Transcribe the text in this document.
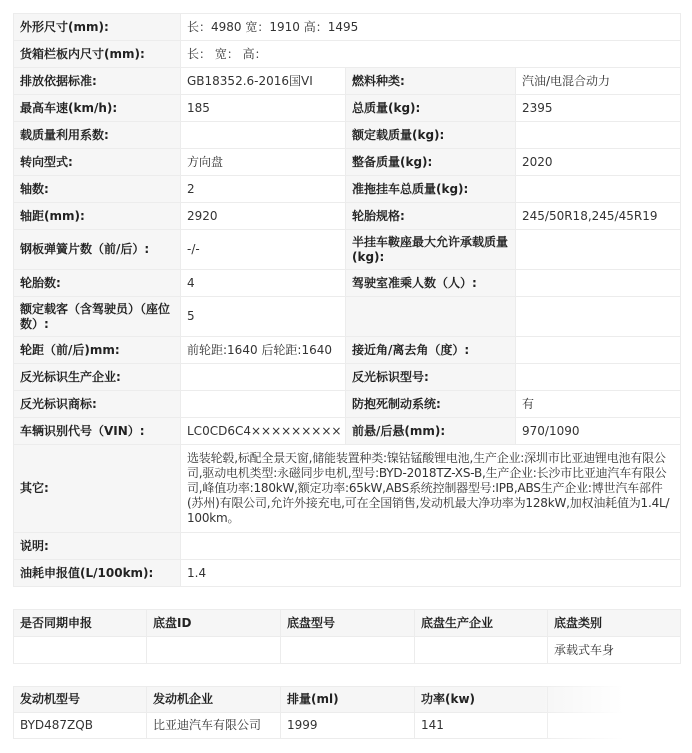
外形尺寸(mm):	长：4980 宽：1910 高：1495		
货箱栏板内尺寸(mm):	长： 宽： 高：		
排放依据标准:	GB18352.6-2016国VI	燃料种类:	汽油/电混合动力
最高车速(km/h):	185	总质量(kg):	2395
载质量利用系数:		额定载质量(kg):	
转向型式:	方向盘	整备质量(kg):	2020
轴数:	2	准拖挂车总质量(kg):	
轴距(mm):	2920	轮胎规格:	245/50R18,245/45R19
钢板弹簧片数（前/后）:	-/-	半挂车鞍座最大允许承载质量(kg):	
轮胎数:	4	驾驶室准乘人数（人）:	
额定载客（含驾驶员）（座位数）:	5		
轮距（前/后)mm:	前轮距:1640 后轮距:1640	接近角/离去角（度）:	
反光标识生产企业:		反光标识型号:	
反光标识商标:		防抱死制动系统:	有
车辆识别代号（VIN）:	LC0CD6C4×××××××××	前悬/后悬(mm):	970/1090
其它:	选装轮毂,标配全景天窗,储能装置种类:镍钴锰酸锂电池,生产企业:深圳市比亚迪锂电池有限公司,驱动电机类型:永磁同步电机,型号:BYD-2018TZ-XS-B,生产企业:长沙市比亚迪汽车有限公司,峰值功率:180kW,额定功率:65kW,ABS系统控制器型号:IPB,ABS生产企业:博世汽车部件(苏州)有限公司,允许外接充电,可在全国销售,发动机最大净功率为128kW,加权油耗值为1.4L/100km。		
说明:			
油耗申报值(L/100km):	1.4		
是否同期申报	底盘ID	底盘型号	底盘生产企业	底盘类别
				承载式车身
发动机型号	发动机企业	排量(ml)	功率(kw)	
BYD487ZQB	比亚迪汽车有限公司	1999	141	
